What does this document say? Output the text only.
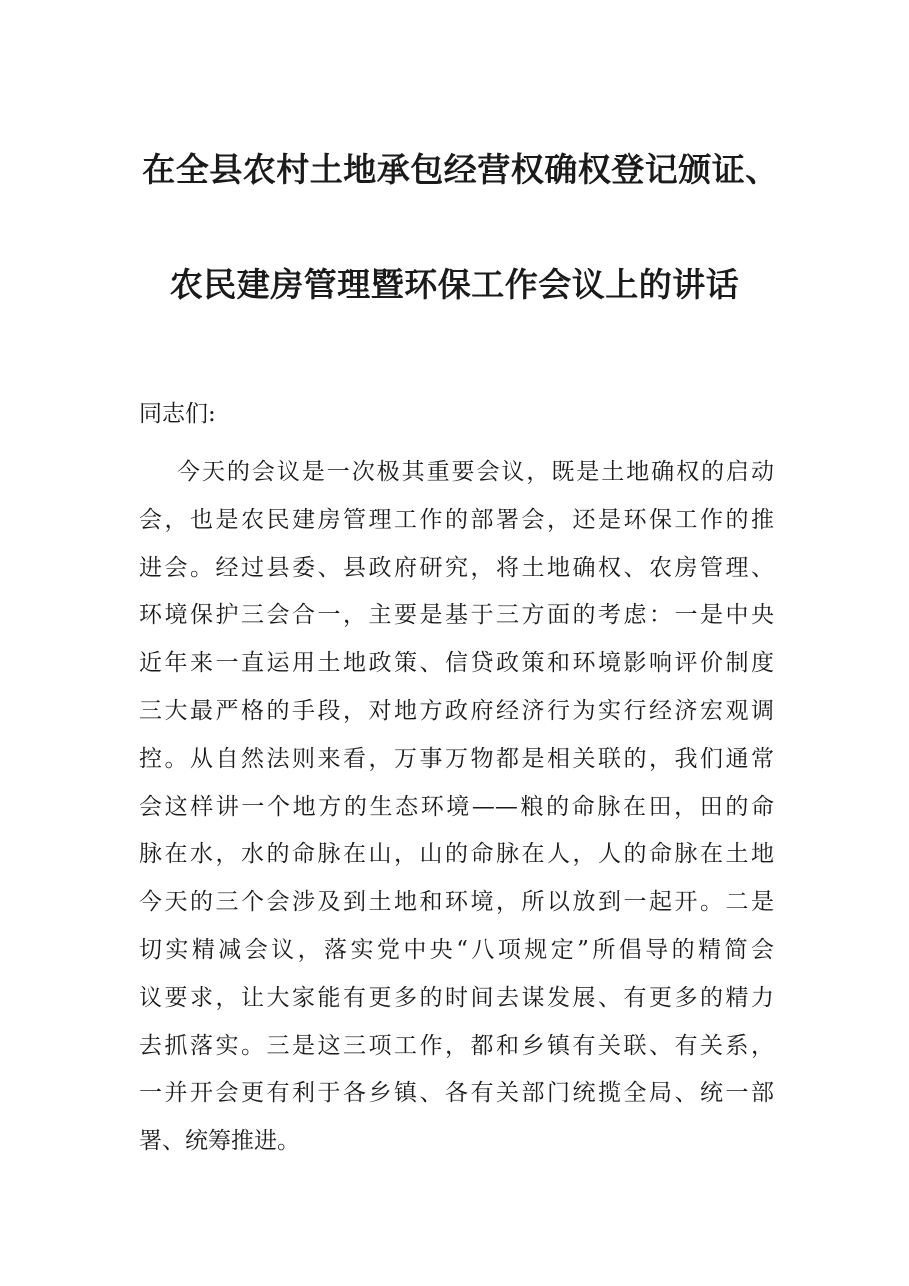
在全县农村土地承包经营权确权登记颁证、
农民建房管理暨环保工作会议上的讲话
同志们:
今天的会议是一次极其重要会议，既是土地确权的启动
会，也是农民建房管理工作的部署会，还是环保工作的推
进会。经过县委、县政府研究，将土地确权、农房管理、
环境保护三会合一，主要是基于三方面的考虑：一是中央
近年来一直运用土地政策、信贷政策和环境影响评价制度
三大最严格的手段，对地方政府经济行为实行经济宏观调
控。从自然法则来看，万事万物都是相关联的，我们通常
会这样讲一个地方的生态环境——粮的命脉在田，田的命
脉在水，水的命脉在山，山的命脉在人，人的命脉在土地
今天的三个会涉及到土地和环境，所以放到一起开。二是
切实精减会议，落实党中央“八项规定”所倡导的精简会
议要求，让大家能有更多的时间去谋发展、有更多的精力
去抓落实。三是这三项工作，都和乡镇有关联、有关系，
一并开会更有利于各乡镇、各有关部门统揽全局、统一部
署、统筹推进。
